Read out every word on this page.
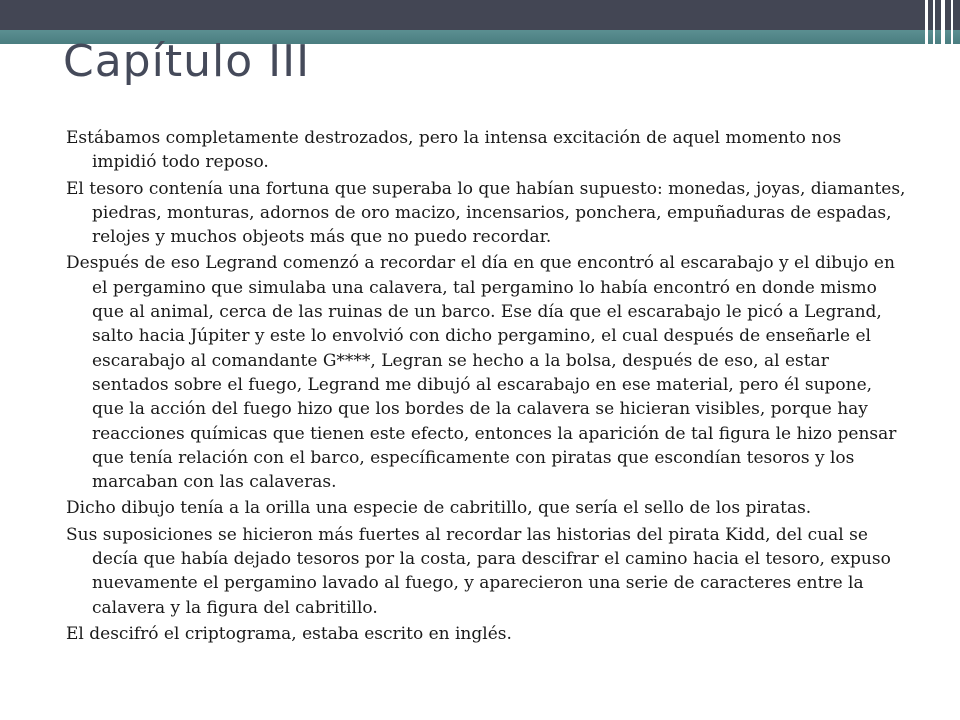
Capítulo III

Estábamos completamente destrozados, pero la intensa excitación de aquel momento nos impidió todo reposo.

El tesoro contenía una fortuna que superaba lo que habían supuesto: monedas, joyas, diamantes, piedras, monturas, adornos de oro macizo, incensarios, ponchera, empuñaduras de espadas, relojes y muchos objeots más que no puedo recordar.

Después de eso Legrand comenzó a recordar el día en que encontró al escarabajo y el dibujo en el pergamino que simulaba una calavera, tal pergamino lo había encontró en donde mismo que al animal, cerca de las ruinas de un barco. Ese día que el escarabajo le picó a Legrand, salto hacia Júpiter y este lo envolvió con dicho pergamino, el cual después de enseñarle el escarabajo al comandante G****, Legran se hecho a la bolsa, después de eso, al estar sentados sobre el fuego, Legrand me dibujó al escarabajo en ese material, pero él supone, que la acción del fuego hizo que los bordes de la calavera se hicieran visibles, porque hay reacciones químicas que tienen este efecto, entonces la aparición de tal figura le hizo pensar que tenía relación con el barco, específicamente con piratas que escondían tesoros y los marcaban con las calaveras.

Dicho dibujo tenía a la orilla una especie de cabritillo, que sería el sello de los piratas.

Sus suposiciones se hicieron más fuertes al recordar las historias del pirata Kidd, del cual se decía que había dejado tesoros por la costa, para descifrar el camino hacia el tesoro, expuso nuevamente el pergamino lavado al fuego, y aparecieron una serie de caracteres entre la calavera y la figura del cabritillo.

El descifró el criptograma, estaba escrito en inglés.
